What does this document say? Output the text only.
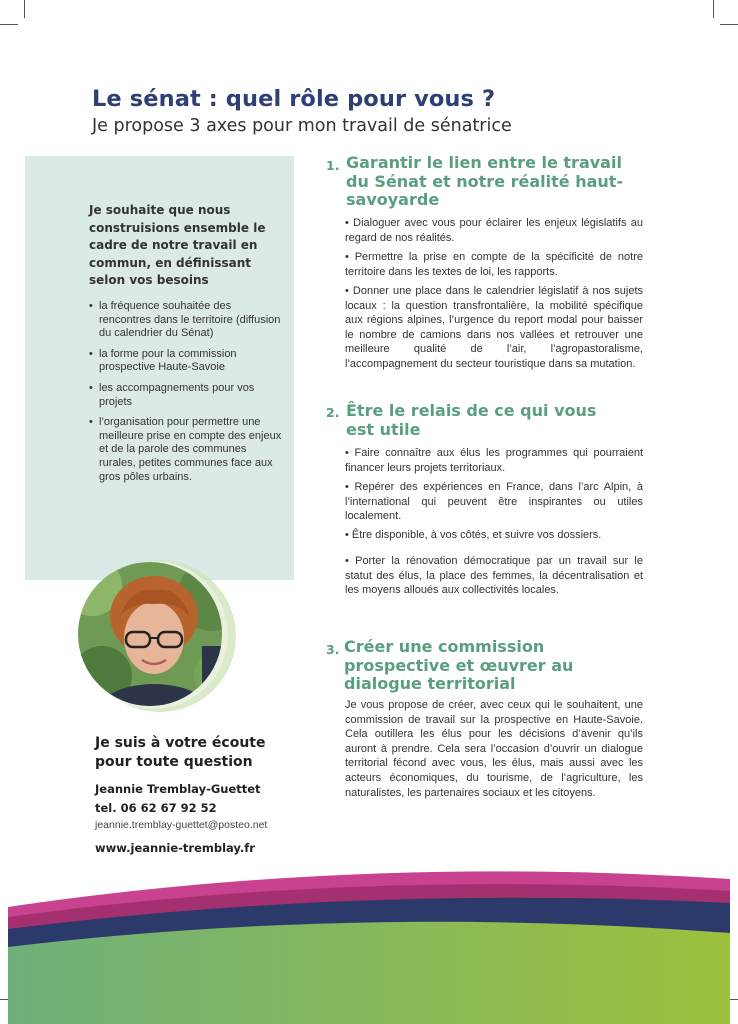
Le sénat : quel rôle pour vous ?

Je propose 3 axes pour mon travail de sénatrice

Je souhaite que nous construisions ensemble le cadre de notre travail en commun, en définissant selon vos besoins

• la fréquence souhaitée des rencontres dans le territoire (diffusion du calendrier du Sénat)
• la forme pour la commission prospective Haute-Savoie
• les accompagnements pour vos projets
• l’organisation pour permettre une meilleure prise en compte des enjeux et de la parole des communes rurales, petites communes face aux gros pôles urbains.

Je suis à votre écoute pour toute question

Jeannie Tremblay-Guettet

tel. 06 62 67 92 52

jeannie.tremblay-guettet@posteo.net

www.jeannie-tremblay.fr

1. Garantir le lien entre le travail du Sénat et notre réalité haut-savoyarde

• Dialoguer avec vous pour éclairer les enjeux législatifs au regard de nos réalités.

• Permettre la prise en compte de la spécificité de notre territoire dans les textes de loi, les rapports.

• Donner une place dans le calendrier législatif à nos sujets locaux : la question transfrontalière, la mobilité spécifique aux régions alpines, l’urgence du report modal pour baisser le nombre de camions dans nos vallées et retrouver une meilleure qualité de l’air, l’agropastoralisme, l’accompagnement du secteur touristique dans sa mutation.

2. Être le relais de ce qui vous est utile

• Faire connaître aux élus les programmes qui pourraient financer leurs projets territoriaux.

• Repérer des expériences en France, dans l’arc Alpin, à l’international qui peuvent être inspirantes ou utiles localement.

• Être disponible, à vos côtés, et suivre vos dossiers.

• Porter la rénovation démocratique par un travail sur le statut des élus, la place des femmes, la décentralisation et les moyens alloués aux collectivités locales.

3. Créer une commission prospective et œuvrer au dialogue territorial

Je vous propose de créer, avec ceux qui le souhaitent, une commission de travail sur la prospective en Haute-Savoie. Cela outillera les élus pour les décisions d’avenir qu’ils auront à prendre. Cela sera l’occasion d’ouvrir un dialogue territorial fécond avec vous, les élus, mais aussi avec les acteurs économiques, du tourisme, de l’agriculture, les naturalistes, les partenaires sociaux et les citoyens.
